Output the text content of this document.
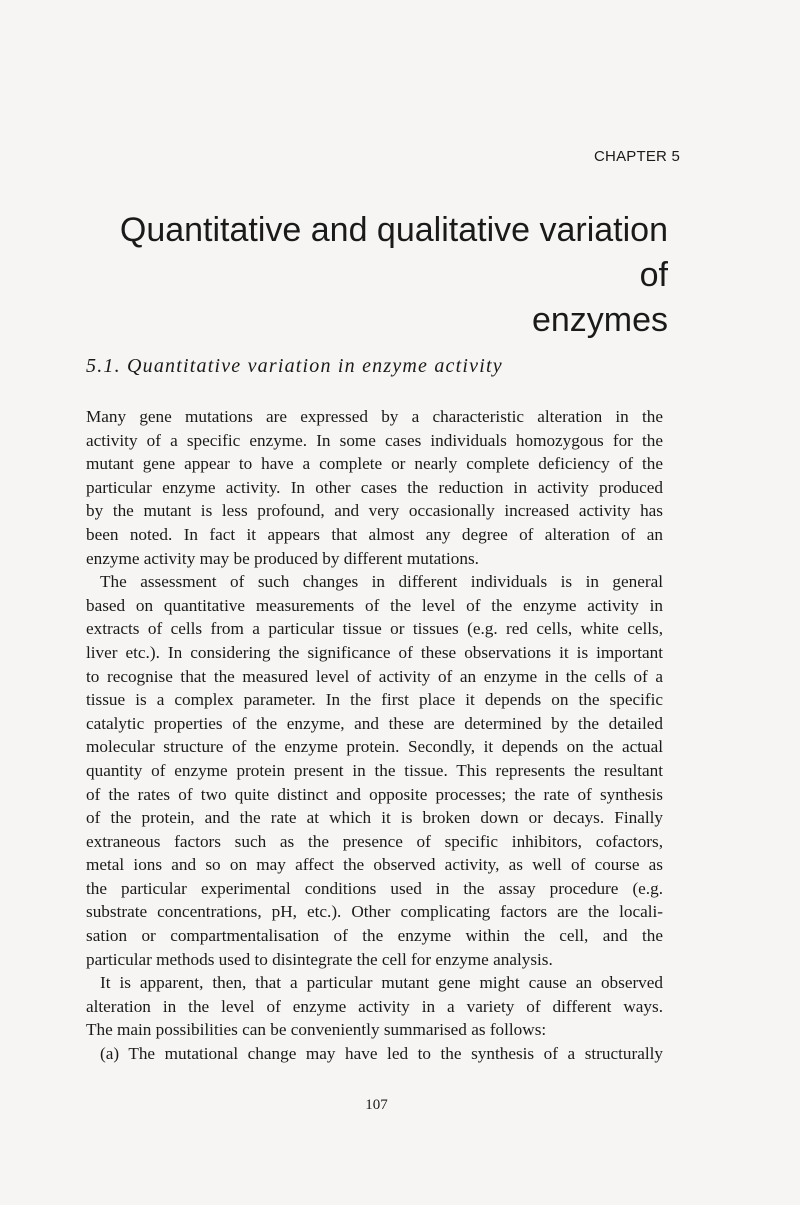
CHAPTER 5
Quantitative and qualitative variation of
enzymes
5.1. Quantitative variation in enzyme activity

Many gene mutations are expressed by a characteristic alteration in the

activity of a specific enzyme. In some cases individuals homozygous for the

mutant gene appear to have a complete or nearly complete deficiency of the

particular enzyme activity. In other cases the reduction in activity produced

by the mutant is less profound, and very occasionally increased activity has

been noted. In fact it appears that almost any degree of alteration of an

enzyme activity may be produced by different mutations.

The assessment of such changes in different individuals is in general

based on quantitative measurements of the level of the enzyme activity in

extracts of cells from a particular tissue or tissues (e.g. red cells, white cells,

liver etc.). In considering the significance of these observations it is important

to recognise that the measured level of activity of an enzyme in the cells of a

tissue is a complex parameter. In the first place it depends on the specific

catalytic properties of the enzyme, and these are determined by the detailed

molecular structure of the enzyme protein. Secondly, it depends on the actual

quantity of enzyme protein present in the tissue. This represents the resultant

of the rates of two quite distinct and opposite processes; the rate of synthesis

of the protein, and the rate at which it is broken down or decays. Finally

extraneous factors such as the presence of specific inhibitors, cofactors,

metal ions and so on may affect the observed activity, as well of course as

the particular experimental conditions used in the assay procedure (e.g.

substrate concentrations, pH, etc.). Other complicating factors are the locali-

sation or compartmentalisation of the enzyme within the cell, and the

particular methods used to disintegrate the cell for enzyme analysis.

It is apparent, then, that a particular mutant gene might cause an observed

alteration in the level of enzyme activity in a variety of different ways.

The main possibilities can be conveniently summarised as follows:

(a) The mutational change may have led to the synthesis of a structurally

107
